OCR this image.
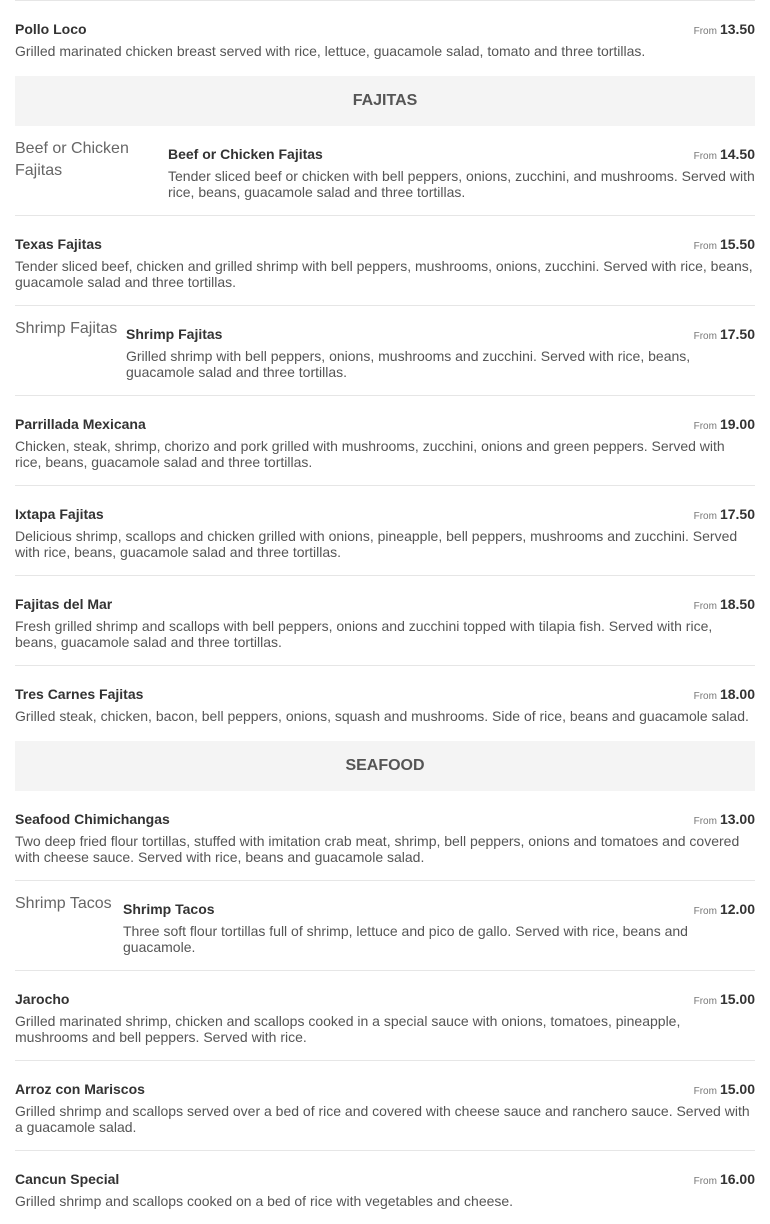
Pollo Loco	From 13.50
Grilled marinated chicken breast served with rice, lettuce, guacamole salad, tomato and three tortillas.
FAJITAS
Beef or Chicken Fajitas
Beef or Chicken Fajitas	From 14.50
Tender sliced beef or chicken with bell peppers, onions, zucchini, and mushrooms. Served with rice, beans, guacamole salad and three tortillas.
Texas Fajitas	From 15.50
Tender sliced beef, chicken and grilled shrimp with bell peppers, mushrooms, onions, zucchini. Served with rice, beans, guacamole salad and three tortillas.
Shrimp Fajitas Shrimp Fajitas	From 17.50
Grilled shrimp with bell peppers, onions, mushrooms and zucchini. Served with rice, beans, guacamole salad and three tortillas.
Parrillada Mexicana	From 19.00
Chicken, steak, shrimp, chorizo and pork grilled with mushrooms, zucchini, onions and green peppers. Served with rice, beans, guacamole salad and three tortillas.
Ixtapa Fajitas	From 17.50
Delicious shrimp, scallops and chicken grilled with onions, pineapple, bell peppers, mushrooms and zucchini. Served with rice, beans, guacamole salad and three tortillas.
Fajitas del Mar	From 18.50
Fresh grilled shrimp and scallops with bell peppers, onions and zucchini topped with tilapia fish. Served with rice, beans, guacamole salad and three tortillas.
Tres Carnes Fajitas	From 18.00
Grilled steak, chicken, bacon, bell peppers, onions, squash and mushrooms. Side of rice, beans and guacamole salad.
SEAFOOD
Seafood Chimichangas	From 13.00
Two deep fried flour tortillas, stuffed with imitation crab meat, shrimp, bell peppers, onions and tomatoes and covered with cheese sauce. Served with rice, beans and guacamole salad.
Shrimp Tacos Shrimp Tacos	From 12.00
Three soft flour tortillas full of shrimp, lettuce and pico de gallo. Served with rice, beans and guacamole.
Jarocho	From 15.00
Grilled marinated shrimp, chicken and scallops cooked in a special sauce with onions, tomatoes, pineapple, mushrooms and bell peppers. Served with rice.
Arroz con Mariscos	From 15.00
Grilled shrimp and scallops served over a bed of rice and covered with cheese sauce and ranchero sauce. Served with a guacamole salad.
Cancun Special	From 16.00
Grilled shrimp and scallops cooked on a bed of rice with vegetables and cheese.
